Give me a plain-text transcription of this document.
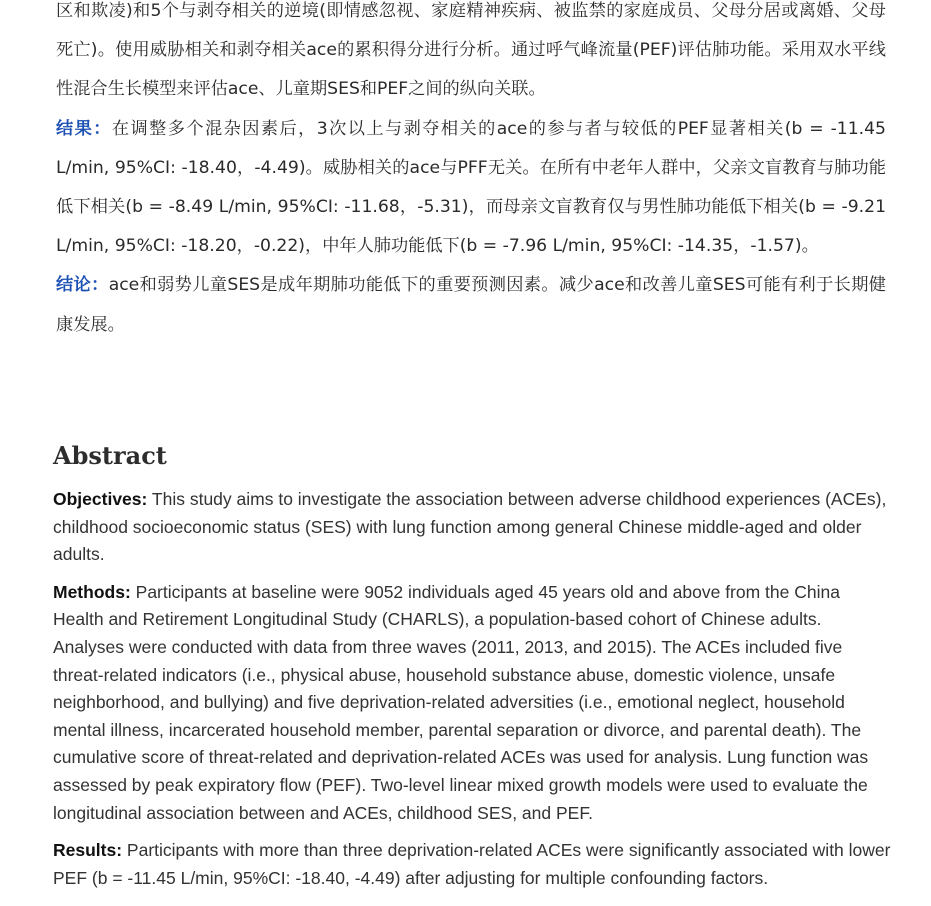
区和欺凌)和5个与剥夺相关的逆境(即情感忽视、家庭精神疾病、被监禁的家庭成员、父母分居或离婚、父母死亡)。使用威胁相关和剥夺相关ace的累积得分进行分析。通过呼气峰流量(PEF)评估肺功能。采用双水平线性混合生长模型来评估ace、儿童期SES和PEF之间的纵向关联。

结果：在调整多个混杂因素后，3次以上与剥夺相关的ace的参与者与较低的PEF显著相关(b = -11.45 L/min, 95%CI: -18.40，-4.49)。威胁相关的ace与PFF无关。在所有中老年人群中，父亲文盲教育与肺功能低下相关(b = -8.49 L/min, 95%CI: -11.68，-5.31)，而母亲文盲教育仅与男性肺功能低下相关(b = -9.21 L/min, 95%CI: -18.20，-0.22)，中年人肺功能低下(b = -7.96 L/min, 95%CI: -14.35，-1.57)。

结论：ace和弱势儿童SES是成年期肺功能低下的重要预测因素。减少ace和改善儿童SES可能有利于长期健康发展。

Abstract

Objectives: This study aims to investigate the association between adverse childhood experiences (ACEs), childhood socioeconomic status (SES) with lung function among general Chinese middle-aged and older adults.

Methods: Participants at baseline were 9052 individuals aged 45 years old and above from the China Health and Retirement Longitudinal Study (CHARLS), a population-based cohort of Chinese adults. Analyses were conducted with data from three waves (2011, 2013, and 2015). The ACEs included five threat-related indicators (i.e., physical abuse, household substance abuse, domestic violence, unsafe neighborhood, and bullying) and five deprivation-related adversities (i.e., emotional neglect, household mental illness, incarcerated household member, parental separation or divorce, and parental death). The cumulative score of threat-related and deprivation-related ACEs was used for analysis. Lung function was assessed by peak expiratory flow (PEF). Two-level linear mixed growth models were used to evaluate the longitudinal association between and ACEs, childhood SES, and PEF.

Results: Participants with more than three deprivation-related ACEs were significantly associated with lower PEF (b = -11.45 L/min, 95%CI: -18.40, -4.49) after adjusting for multiple confounding factors.
